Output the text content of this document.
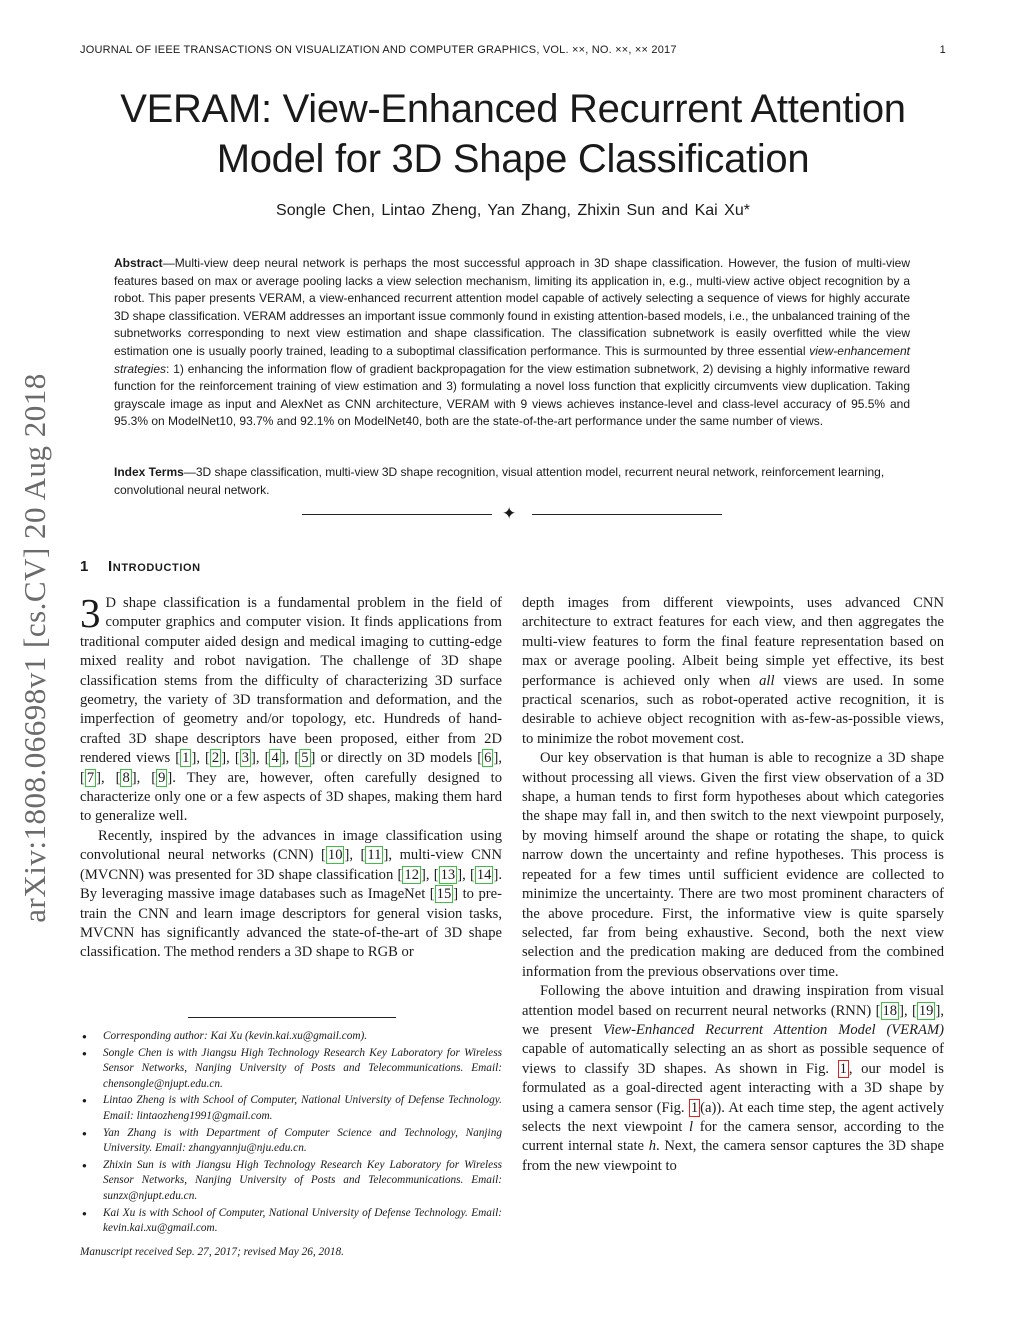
JOURNAL OF IEEE TRANSACTIONS ON VISUALIZATION AND COMPUTER GRAPHICS, VOL. ××, NO. ××, ×× 2017	1
arXiv:1808.06698v1 [cs.CV] 20 Aug 2018
VERAM: View-Enhanced Recurrent Attention Model for 3D Shape Classification
Songle Chen, Lintao Zheng, Yan Zhang, Zhixin Sun and Kai Xu*
Abstract—Multi-view deep neural network is perhaps the most successful approach in 3D shape classification. However, the fusion of multi-view features based on max or average pooling lacks a view selection mechanism, limiting its application in, e.g., multi-view active object recognition by a robot. This paper presents VERAM, a view-enhanced recurrent attention model capable of actively selecting a sequence of views for highly accurate 3D shape classification. VERAM addresses an important issue commonly found in existing attention-based models, i.e., the unbalanced training of the subnetworks corresponding to next view estimation and shape classification. The classification subnetwork is easily overfitted while the view estimation one is usually poorly trained, leading to a suboptimal classification performance. This is surmounted by three essential view-enhancement strategies: 1) enhancing the information flow of gradient backpropagation for the view estimation subnetwork, 2) devising a highly informative reward function for the reinforcement training of view estimation and 3) formulating a novel loss function that explicitly circumvents view duplication. Taking grayscale image as input and AlexNet as CNN architecture, VERAM with 9 views achieves instance-level and class-level accuracy of 95.5% and 95.3% on ModelNet10, 93.7% and 92.1% on ModelNet40, both are the state-of-the-art performance under the same number of views.
Index Terms—3D shape classification, multi-view 3D shape recognition, visual attention model, recurrent neural network, reinforcement learning, convolutional neural network.
✦
1 Introduction

3 D shape classification is a fundamental problem in the field of computer graphics and computer vision. It finds applications from traditional computer aided design and medical imaging to cutting-edge mixed reality and robot navigation. The challenge of 3D shape classification stems from the difficulty of characterizing 3D surface geometry, the variety of 3D transformation and deformation, and the imperfection of geometry and/or topology, etc. Hundreds of hand-crafted 3D shape descriptors have been proposed, either from 2D rendered views [ 1 ], [ 2 ], [ 3 ], [ 4 ], [ 5 ] or directly on 3D models [ 6 ], [ 7 ], [ 8 ], [ 9 ]. They are, however, often carefully designed to characterize only one or a few aspects of 3D shapes, making them hard to generalize well.

Recently, inspired by the advances in image classification using convolutional neural networks (CNN) [ 10 ], [ 11 ], multi-view CNN (MVCNN) was presented for 3D shape classification [ 12 ], [ 13 ], [ 14 ]. By leveraging massive image databases such as ImageNet [ 15 ] to pre-train the CNN and learn image descriptors for general vision tasks, MVCNN has significantly advanced the state-of-the-art of 3D shape classification. The method renders a 3D shape to RGB or

● Corresponding author: Kai Xu (kevin.kai.xu@gmail.com).
● Songle Chen is with Jiangsu High Technology Research Key Laboratory for Wireless Sensor Networks, Nanjing University of Posts and Telecommunications. Email: chensongle@njupt.edu.cn.
● Lintao Zheng is with School of Computer, National University of Defense Technology. Email: lintaozheng1991@gmail.com.
● Yan Zhang is with Department of Computer Science and Technology, Nanjing University. Email: zhangyannju@nju.edu.cn.
● Zhixin Sun is with Jiangsu High Technology Research Key Laboratory for Wireless Sensor Networks, Nanjing University of Posts and Telecommunications. Email: sunzx@njupt.edu.cn.
● Kai Xu is with School of Computer, National University of Defense Technology. Email: kevin.kai.xu@gmail.com.
Manuscript received Sep. 27, 2017; revised May 26, 2018.

depth images from different viewpoints, uses advanced CNN architecture to extract features for each view, and then aggregates the multi-view features to form the final feature representation based on max or average pooling. Albeit being simple yet effective, its best performance is achieved only when all views are used. In some practical scenarios, such as robot-operated active recognition, it is desirable to achieve object recognition with as-few-as-possible views, to minimize the robot movement cost.

Our key observation is that human is able to recognize a 3D shape without processing all views. Given the first view observation of a 3D shape, a human tends to first form hypotheses about which categories the shape may fall in, and then switch to the next viewpoint purposely, by moving himself around the shape or rotating the shape, to quick narrow down the uncertainty and refine hypotheses. This process is repeated for a few times until sufficient evidence are collected to minimize the uncertainty. There are two most prominent characters of the above procedure. First, the informative view is quite sparsely selected, far from being exhaustive. Second, both the next view selection and the predication making are deduced from the combined information from the previous observations over time.

Following the above intuition and drawing inspiration from visual attention model based on recurrent neural networks (RNN) [ 18 ], [ 19 ], we present View-Enhanced Recurrent Attention Model (VERAM) capable of automatically selecting an as short as possible sequence of views to classify 3D shapes. As shown in Fig. 1 , our model is formulated as a goal-directed agent interacting with a 3D shape by using a camera sensor (Fig. 1 (a)). At each time step, the agent actively selects the next viewpoint l for the camera sensor, according to the current internal state h. Next, the camera sensor captures the 3D shape from the new viewpoint to
